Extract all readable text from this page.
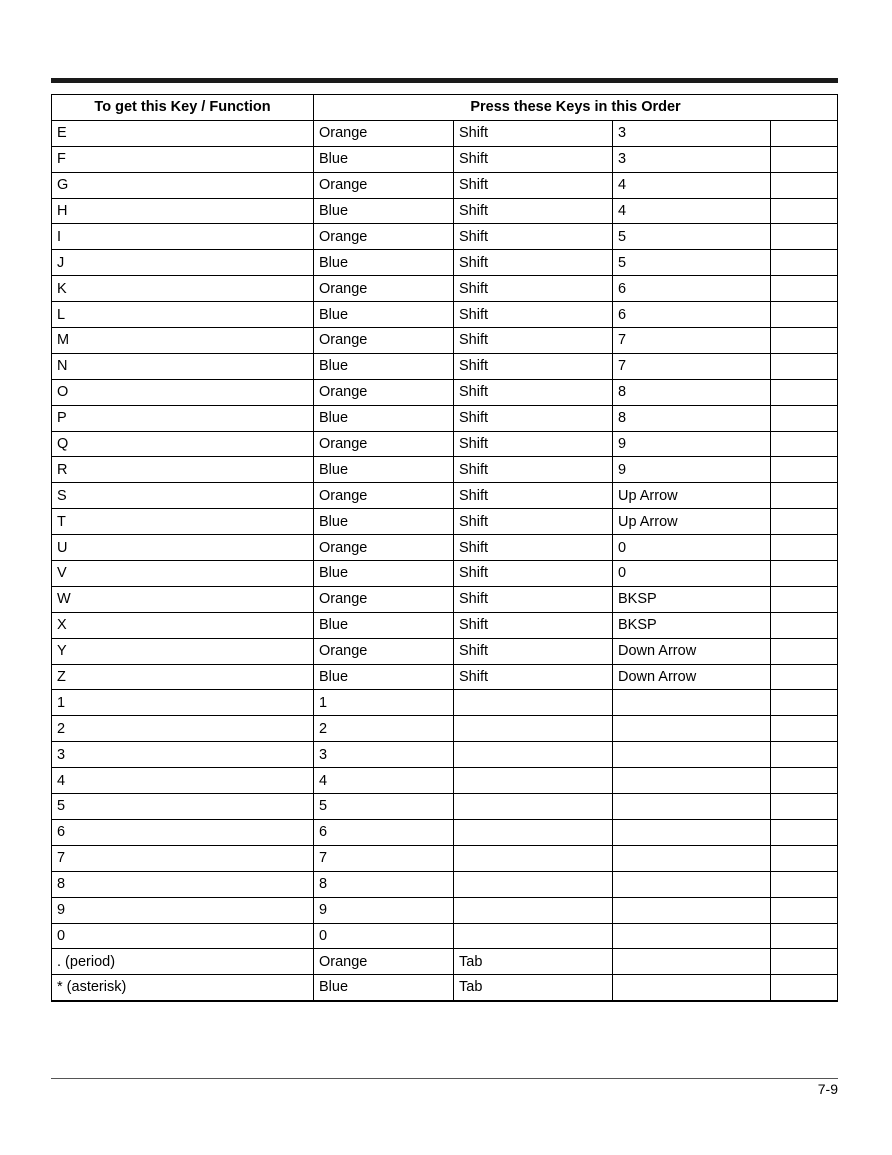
To get this Key / Function	Press these Keys in this Order			
E	Orange	Shift	3	
F	Blue	Shift	3	
G	Orange	Shift	4	
H	Blue	Shift	4	
I	Orange	Shift	5	
J	Blue	Shift	5	
K	Orange	Shift	6	
L	Blue	Shift	6	
M	Orange	Shift	7	
N	Blue	Shift	7	
O	Orange	Shift	8	
P	Blue	Shift	8	
Q	Orange	Shift	9	
R	Blue	Shift	9	
S	Orange	Shift	Up Arrow	
T	Blue	Shift	Up Arrow	
U	Orange	Shift	0	
V	Blue	Shift	0	
W	Orange	Shift	BKSP	
X	Blue	Shift	BKSP	
Y	Orange	Shift	Down Arrow	
Z	Blue	Shift	Down Arrow	
1	1			
2	2			
3	3			
4	4			
5	5			
6	6			
7	7			
8	8			
9	9			
0	0			
. (period)	Orange	Tab		
* (asterisk)	Blue	Tab		
7-9
